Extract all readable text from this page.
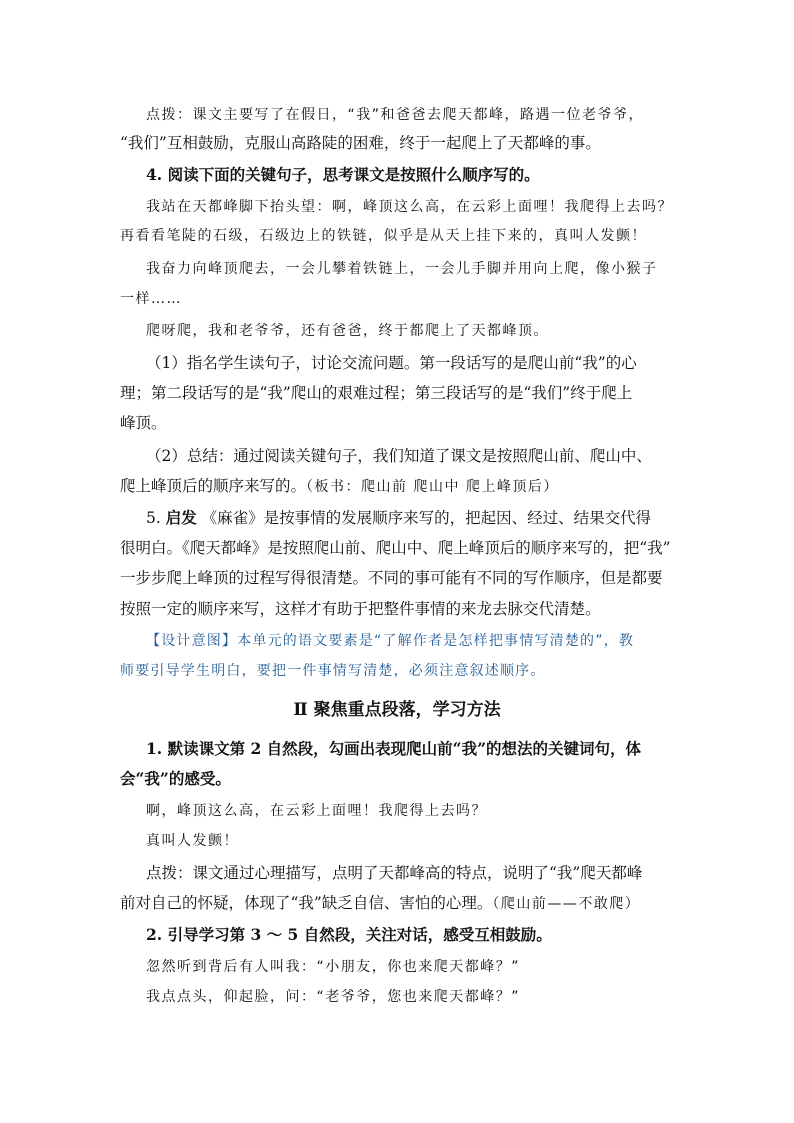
点拨：课文主要写了在假日，“我”和爸爸去爬天都峰，路遇一位老爷爷，
“我们”互相鼓励，克服山高路陡的困难，终于一起爬上了天都峰的事。
4. 阅读下面的关键句子，思考课文是按照什么顺序写的。
我站在天都峰脚下抬头望：啊，峰顶这么高，在云彩上面哩！我爬得上去吗？
再看看笔陡的石级，石级边上的铁链，似乎是从天上挂下来的，真叫人发颤！
我奋力向峰顶爬去，一会儿攀着铁链上，一会儿手脚并用向上爬，像小猴子
一样……
爬呀爬，我和老爷爷，还有爸爸，终于都爬上了天都峰顶。
（1）指名学生读句子，讨论交流问题。第一段话写的是爬山前“我”的心
理；第二段话写的是“我”爬山的艰难过程；第三段话写的是“我们”终于爬上
峰顶。
（2）总结：通过阅读关键句子，我们知道了课文是按照爬山前、爬山中、
爬上峰顶后的顺序来写的。（板书：爬山前 爬山中 爬上峰顶后）
5. 启发 《麻雀》是按事情的发展顺序来写的，把起因、经过、结果交代得
很明白。《爬天都峰》是按照爬山前、爬山中、爬上峰顶后的顺序来写的，把“我”
一步步爬上峰顶的过程写得很清楚。不同的事可能有不同的写作顺序，但是都要
按照一定的顺序来写，这样才有助于把整件事情的来龙去脉交代清楚。
【设计意图】本单元的语文要素是“了解作者是怎样把事情写清楚的”，教
师要引导学生明白，要把一件事情写清楚，必须注意叙述顺序。
Ⅱ 聚焦重点段落，学习方法
1. 默读课文第 2 自然段，勾画出表现爬山前“我”的想法的关键词句，体
会“我”的感受。
啊，峰顶这么高，在云彩上面哩！我爬得上去吗？
真叫人发颤！
点拨：课文通过心理描写，点明了天都峰高的特点，说明了“我”爬天都峰
前对自己的怀疑，体现了“我”缺乏自信、害怕的心理。（爬山前——不敢爬）
2. 引导学习第 3 ～ 5 自然段，关注对话，感受互相鼓励。
忽然听到背后有人叫我：“小朋友，你也来爬天都峰？”
我点点头，仰起脸，问：“老爷爷，您也来爬天都峰？”
